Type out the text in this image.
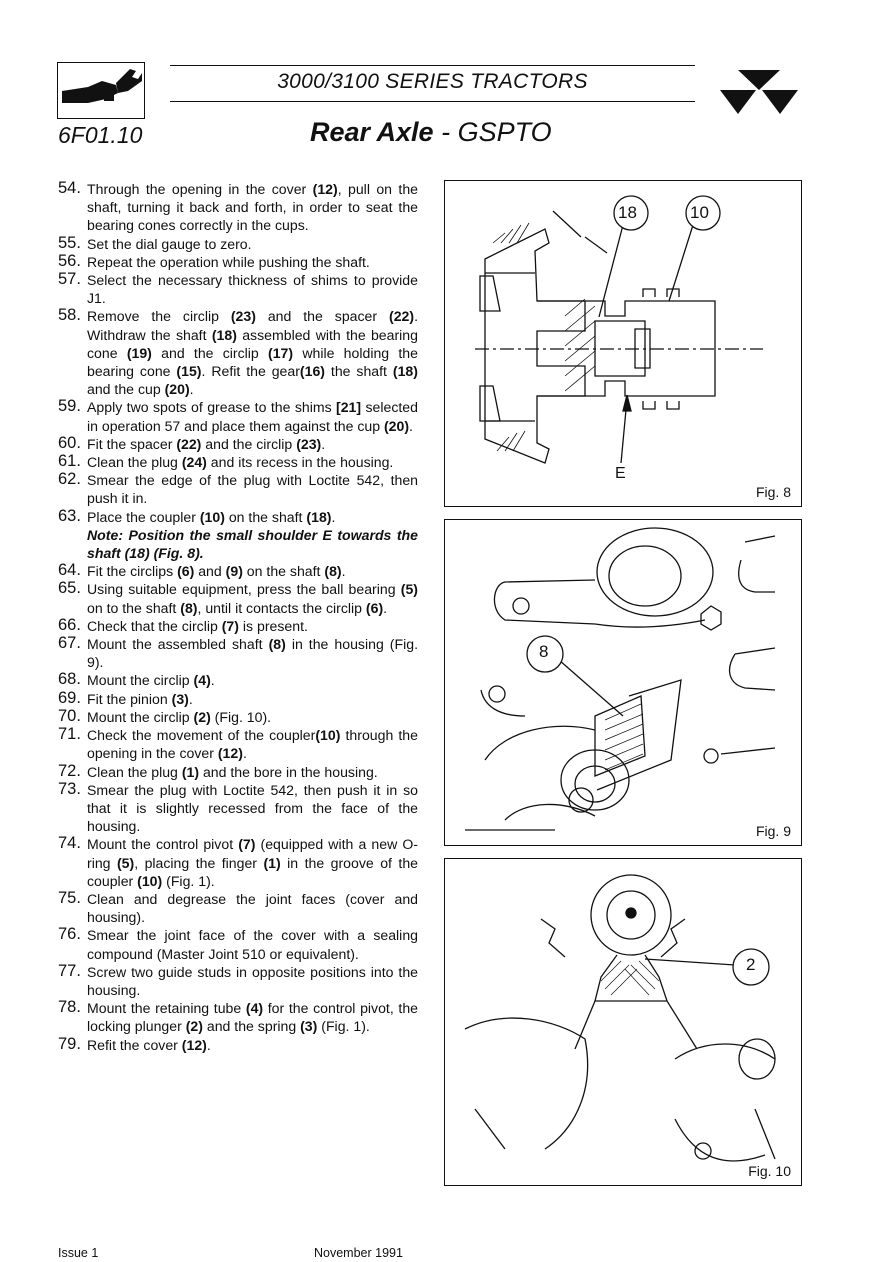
3000/3100 SERIES TRACTORS
6F01.10	Rear Axle - GSPTO
54. Through the opening in the cover (12), pull on the shaft, turning it back and forth, in order to seat the bearing cones correctly in the cups.
55. Set the dial gauge to zero.
56. Repeat the operation while pushing the shaft.
57. Select the necessary thickness of shims to provide J1.
58. Remove the circlip (23) and the spacer (22). Withdraw the shaft (18) assembled with the bearing cone (19) and the circlip (17) while holding the bearing cone (15). Refit the gear(16) the shaft (18) and the cup (20).
59. Apply two spots of grease to the shims [21] selected in operation 57 and place them against the cup (20).
60. Fit the spacer (22) and the circlip (23).
61. Clean the plug (24) and its recess in the housing.
62. Smear the edge of the plug with Loctite 542, then push it in.
63. Place the coupler (10) on the shaft (18).
Note: Position the small shoulder E towards the shaft (18) (Fig. 8).
64. Fit the circlips (6) and (9) on the shaft (8).
65. Using suitable equipment, press the ball bearing (5) on to the shaft (8), until it contacts the circlip (6).
66. Check that the circlip (7) is present.
67. Mount the assembled shaft (8) in the housing (Fig. 9).
68. Mount the circlip (4).
69. Fit the pinion (3).
70. Mount the circlip (2) (Fig. 10).
71. Check the movement of the coupler(10) through the opening in the cover (12).
72. Clean the plug (1) and the bore in the housing.
73. Smear the plug with Loctite 542, then push it in so that it is slightly recessed from the face of the housing.
74. Mount the control pivot (7) (equipped with a new O-ring (5), placing the finger (1) in the groove of the coupler (10) (Fig. 1).
75. Clean and degrease the joint faces (cover and housing).
76. Smear the joint face of the cover with a sealing compound (Master Joint 510 or equivalent).
77. Screw two guide studs in opposite positions into the housing.
78. Mount the retaining tube (4) for the control pivot, the locking plunger (2) and the spring (3) (Fig. 1).
79. Refit the cover (12).
18	10
E
Fig. 8
8
Fig. 9
2
Fig. 10
Issue 1	November 1991
